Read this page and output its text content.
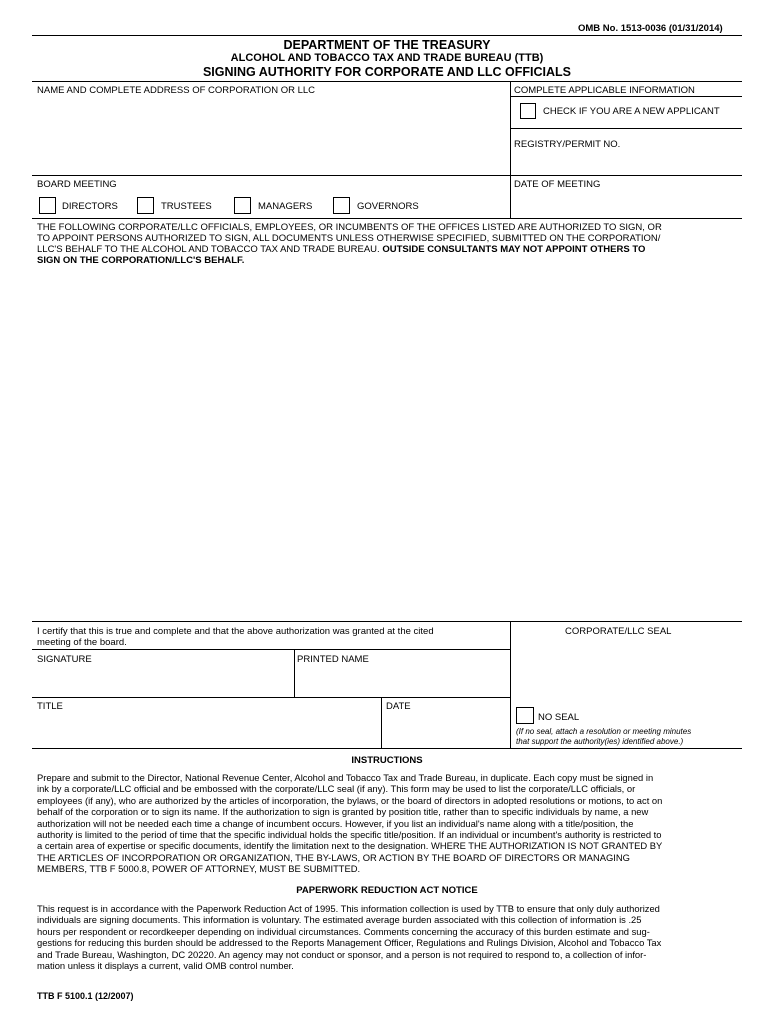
OMB No. 1513-0036 (01/31/2014)
DEPARTMENT OF THE TREASURY
ALCOHOL AND TOBACCO TAX AND TRADE BUREAU (TTB)
SIGNING AUTHORITY FOR CORPORATE AND LLC OFFICIALS
NAME AND COMPLETE ADDRESS OF CORPORATION OR LLC	COMPLETE APPLICABLE INFORMATION
CHECK IF YOU ARE A NEW APPLICANT
REGISTRY/PERMIT NO.
BOARD MEETING	DATE OF MEETING
DIRECTORS	TRUSTEES	MANAGERS	GOVERNORS
THE FOLLOWING CORPORATE/LLC OFFICIALS, EMPLOYEES, OR INCUMBENTS OF THE OFFICES LISTED ARE AUTHORIZED TO SIGN, OR
TO APPOINT PERSONS AUTHORIZED TO SIGN, ALL DOCUMENTS UNLESS OTHERWISE SPECIFIED, SUBMITTED ON THE CORPORATION/
LLC'S BEHALF TO THE ALCOHOL AND TOBACCO TAX AND TRADE BUREAU. OUTSIDE CONSULTANTS MAY NOT APPOINT OTHERS TO
SIGN ON THE CORPORATION/LLC'S BEHALF.
I certify that this is true and complete and that the above authorization was granted at the cited
meeting of the board.
CORPORATE/LLC SEAL
SIGNATURE	PRINTED NAME
TITLE	DATE
NO SEAL
(If no seal, attach a resolution or meeting minutes
that support the authority(ies) identified above.)
INSTRUCTIONS
Prepare and submit to the Director, National Revenue Center, Alcohol and Tobacco Tax and Trade Bureau, in duplicate. Each copy must be signed in
ink by a corporate/LLC official and be embossed with the corporate/LLC seal (if any). This form may be used to list the corporate/LLC officials, or
employees (if any), who are authorized by the articles of incorporation, the bylaws, or the board of directors in adopted resolutions or motions, to act on
behalf of the corporation or to sign its name. If the authorization to sign is granted by position title, rather than to specific individuals by name, a new
authorization will not be needed each time a change of incumbent occurs. However, if you list an individual's name along with a title/position, the
authority is limited to the period of time that the specific individual holds the specific title/position. If an individual or incumbent's authority is restricted to
a certain area of expertise or specific documents, identify the limitation next to the designation. WHERE THE AUTHORIZATION IS NOT GRANTED BY
THE ARTICLES OF INCORPORATION OR ORGANIZATION, THE BY-LAWS, OR ACTION BY THE BOARD OF DIRECTORS OR MANAGING
MEMBERS, TTB F 5000.8, POWER OF ATTORNEY, MUST BE SUBMITTED.
PAPERWORK REDUCTION ACT NOTICE
This request is in accordance with the Paperwork Reduction Act of 1995. This information collection is used by TTB to ensure that only duly authorized
individuals are signing documents. This information is voluntary. The estimated average burden associated with this collection of information is .25
hours per respondent or recordkeeper depending on individual circumstances. Comments concerning the accuracy of this burden estimate and sug-
gestions for reducing this burden should be addressed to the Reports Management Officer, Regulations and Rulings Division, Alcohol and Tobacco Tax
and Trade Bureau, Washington, DC 20220. An agency may not conduct or sponsor, and a person is not required to respond to, a collection of infor-
mation unless it displays a current, valid OMB control number.
TTB F 5100.1 (12/2007)
